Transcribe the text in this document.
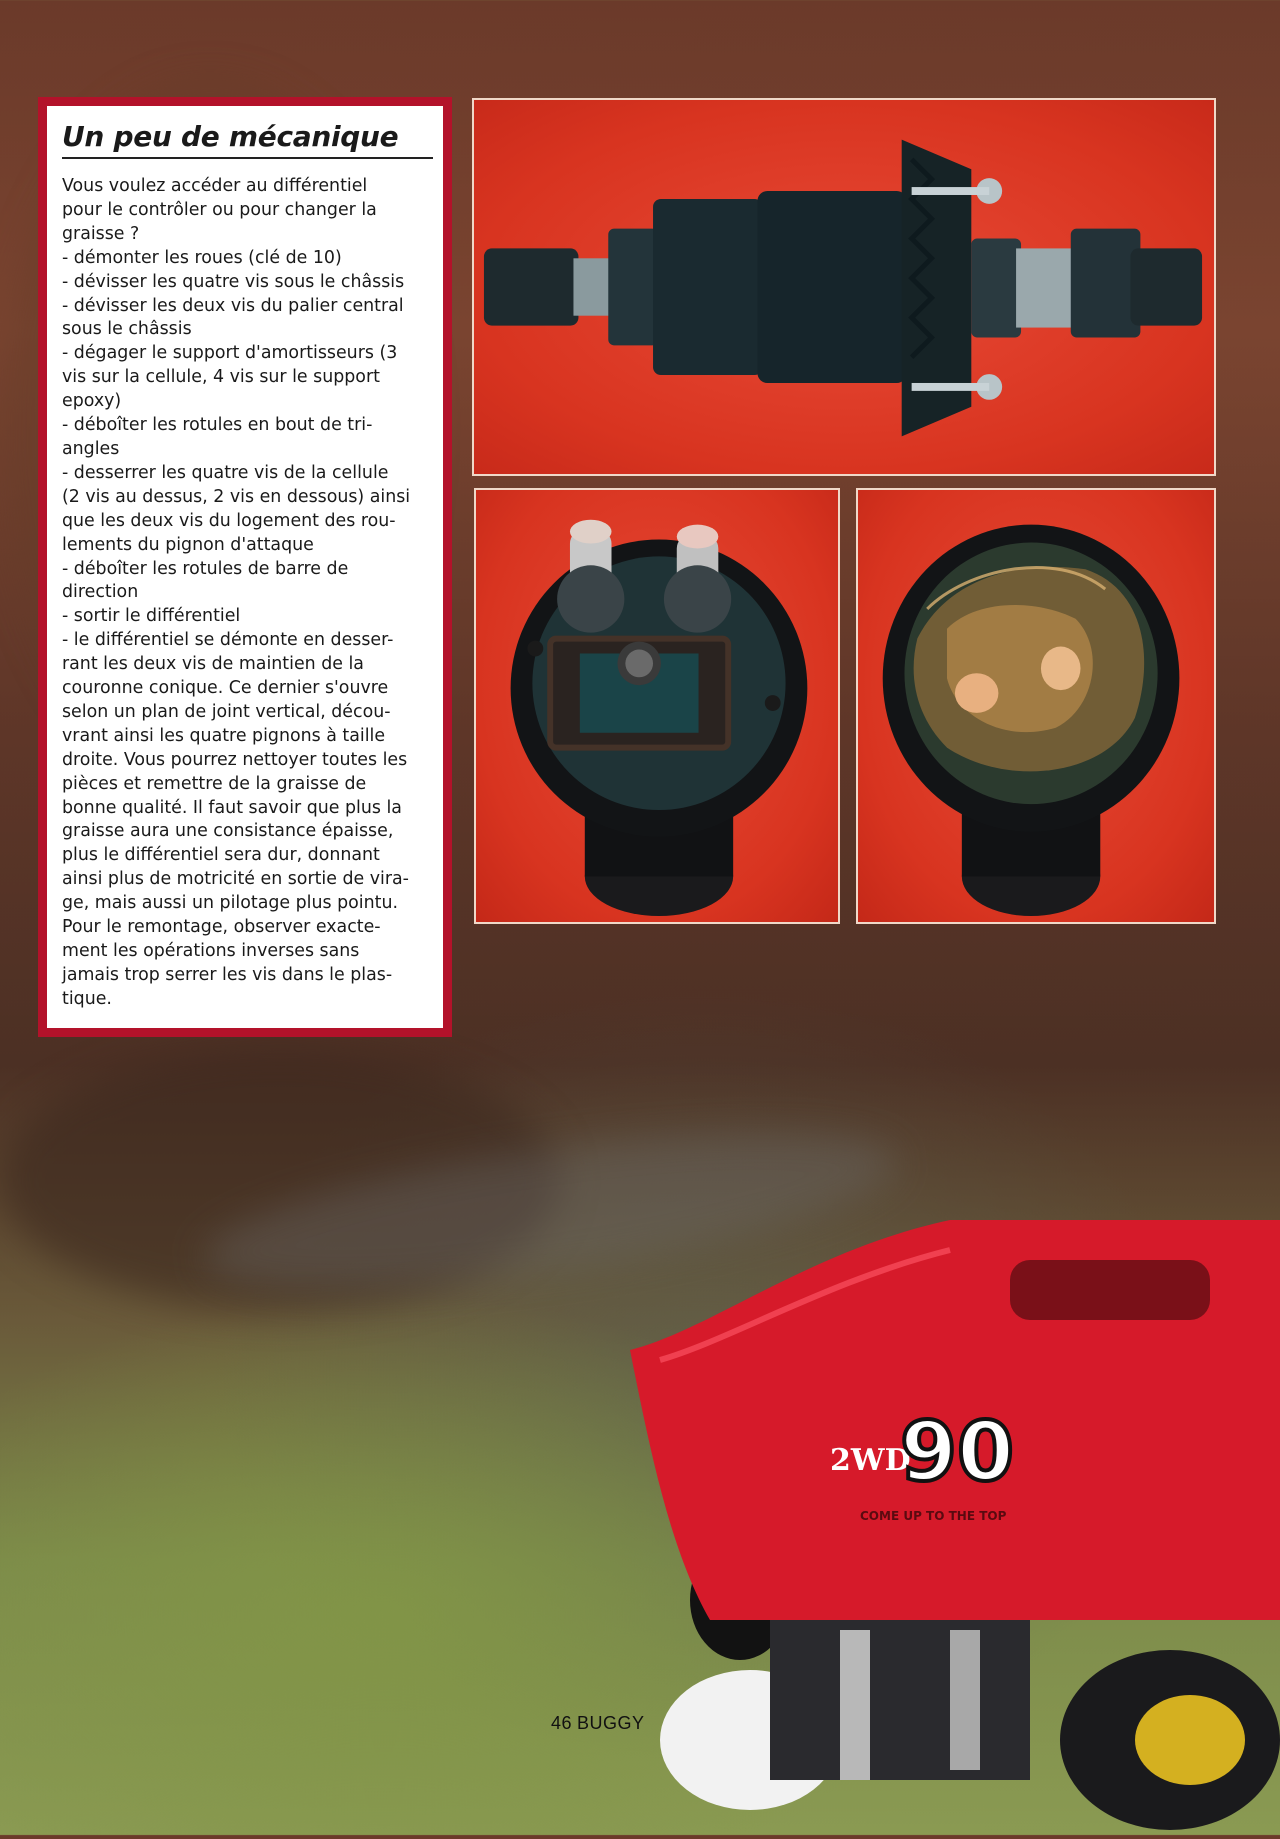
Un peu de mécanique

Vous voulez accéder au différentiel
pour le contrôler ou pour changer la
graisse ?
- démonter les roues (clé de 10)
- dévisser les quatre vis sous le châssis
- dévisser les deux vis du palier central
sous le châssis
- dégager le support d'amortisseurs (3
vis sur la cellule, 4 vis sur le support
epoxy)
- déboîter les rotules en bout de tri-
angles
- desserrer les quatre vis de la cellule
(2 vis au dessus, 2 vis en dessous) ainsi
que les deux vis du logement des rou-
lements du pignon d'attaque
- déboîter les rotules de barre de
direction
- sortir le différentiel
- le différentiel se démonte en desser-
rant les deux vis de maintien de la
couronne conique. Ce dernier s'ouvre
selon un plan de joint vertical, décou-
vrant ainsi les quatre pignons à taille
droite. Vous pourrez nettoyer toutes les
pièces et remettre de la graisse de
bonne qualité. Il faut savoir que plus la
graisse aura une consistance épaisse,
plus le différentiel sera dur, donnant
ainsi plus de motricité en sortie de vira-
ge, mais aussi un pilotage plus pointu.
Pour le remontage, observer exacte-
ment les opérations inverses sans
jamais trop serrer les vis dans le plas-
tique.

2WD
90
COME UP TO THE TOP
46 BUGGY
